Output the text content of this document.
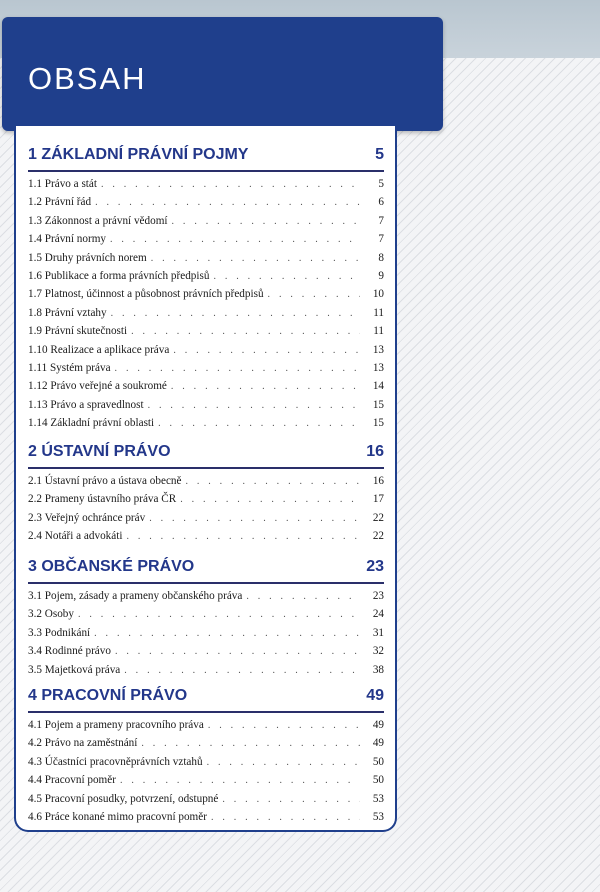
OBSAH
1 ZÁKLADNÍ PRÁVNÍ POJMY	5
1.1 Právo a stát . . .	5
1.2 Právní řád . . .	6
1.3 Zákonnost a právní vědomí . . .	7
1.4 Právní normy . . .	7
1.5 Druhy právních norem . . .	8
1.6 Publikace a forma právních předpisů . . .	9
1.7 Platnost, účinnost a působnost právních předpisů . . .	10
1.8 Právní vztahy . . .	11
1.9 Právní skutečnosti . . .	11
1.10 Realizace a aplikace práva . . .	13
1.11 Systém práva . . .	13
1.12 Právo veřejné a soukromé . . .	14
1.13 Právo a spravedlnost . . .	15
1.14 Základní právní oblasti . . .	15
2 ÚSTAVNÍ PRÁVO	16
2.1 Ústavní právo a ústava obecně . . .	16
2.2 Prameny ústavního práva ČR . . .	17
2.3 Veřejný ochránce práv . . .	22
2.4 Notáři a advokáti . . .	22
3 OBČANSKÉ PRÁVO	23
3.1 Pojem, zásady a prameny občanského práva . . .	23
3.2 Osoby . . .	24
3.3 Podnikání . . .	31
3.4 Rodinné právo . . .	32
3.5 Majetková práva . . .	38
4 PRACOVNÍ PRÁVO	49
4.1 Pojem a prameny pracovního práva . . .	49
4.2 Právo na zaměstnání . . .	49
4.3 Účastníci pracovněprávních vztahů . . .	50
4.4 Pracovní poměr . . .	50
4.5 Pracovní posudky, potvrzení, odstupné . . .	53
4.6 Práce konané mimo pracovní poměr . . .	53
